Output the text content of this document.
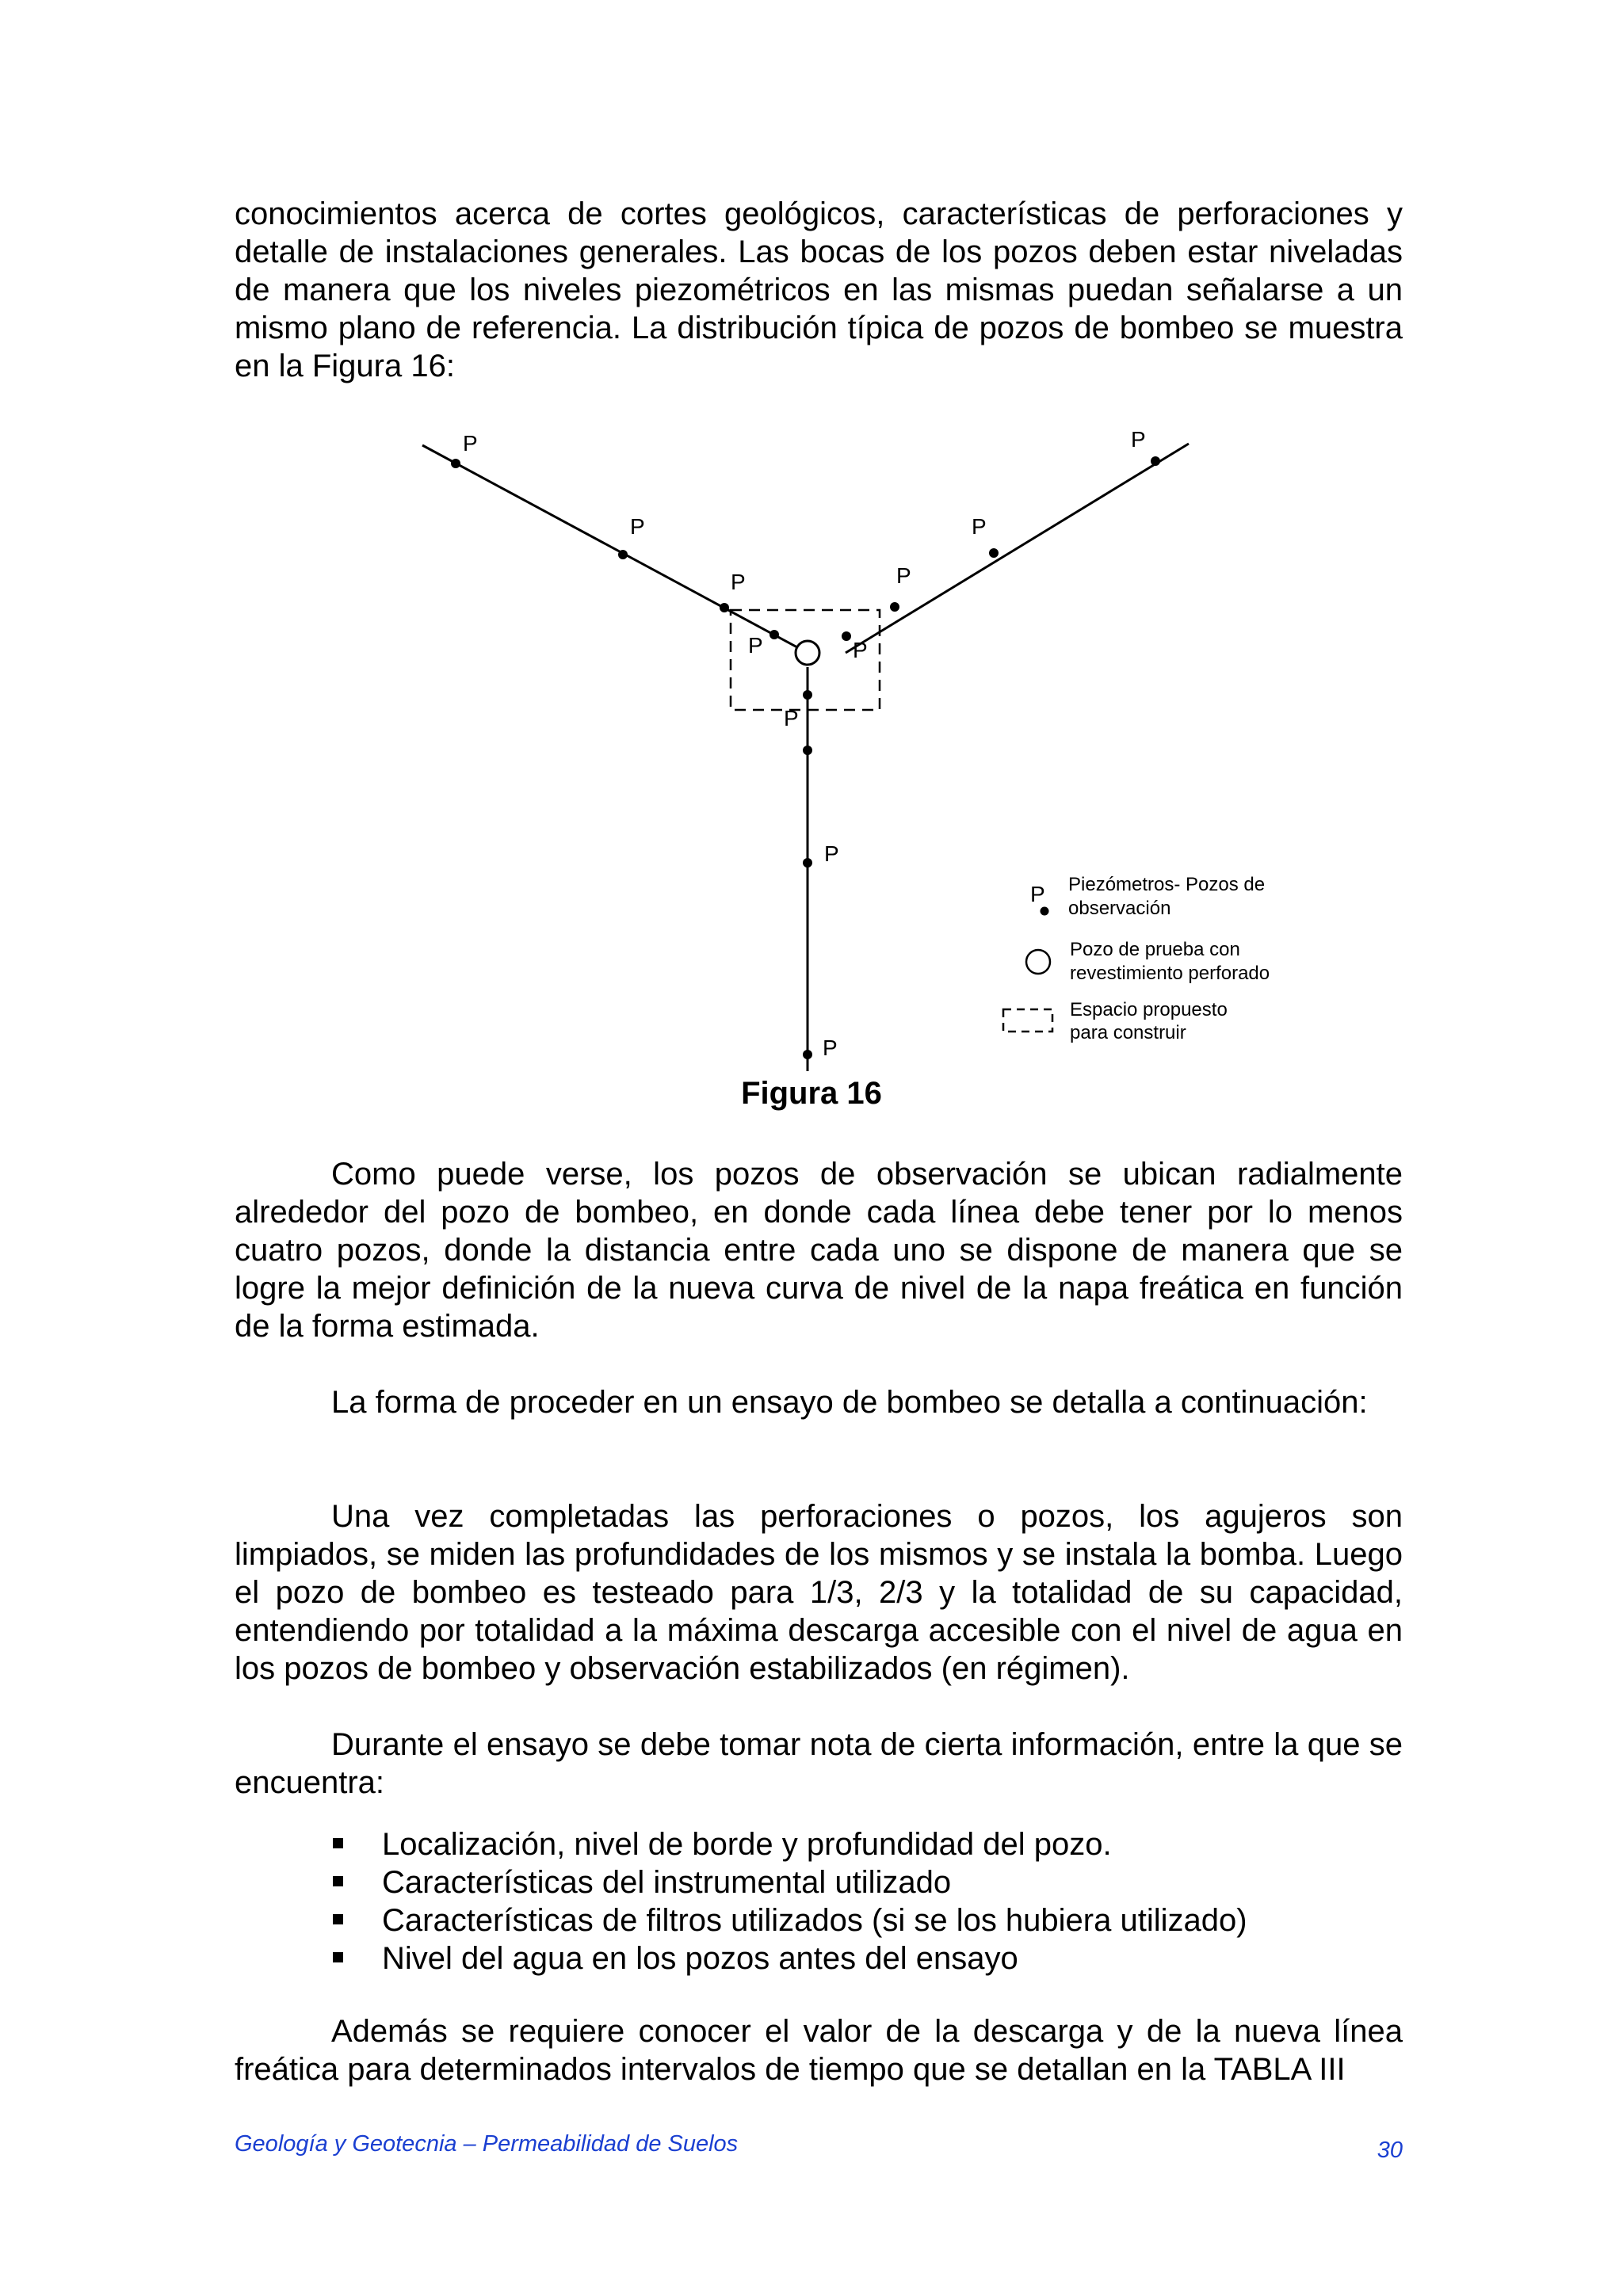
conocimientos acerca de cortes geológicos, características de perforaciones y detalle de instalaciones generales. Las bocas de los pozos deben estar niveladas de manera que los niveles piezométricos en las mismas puedan señalarse a un mismo plano de referencia. La distribución típica de pozos de bombeo se muestra en la Figura 16:

P
P
P
P
P
P
P
P
P
P
P
P Piezómetros- Pozos de
observación
Pozo de prueba con
revestimiento perforado
Espacio propuesto
para construir

Figura 16

Como puede verse, los pozos de observación se ubican radialmente alrededor del pozo de bombeo, en donde cada línea debe tener por lo menos cuatro pozos, donde la distancia entre cada uno se dispone de manera que se logre la mejor definición de la nueva curva de nivel de la napa freática en función de la forma estimada.

La forma de proceder en un ensayo de bombeo se detalla a continuación:

Una vez completadas las perforaciones o pozos, los agujeros son limpiados, se miden las profundidades de los mismos y se instala la bomba. Luego el pozo de bombeo es testeado para 1/3, 2/3 y la totalidad de su capacidad, entendiendo por totalidad a la máxima descarga accesible con el nivel de agua en los pozos de bombeo y observación estabilizados (en régimen).

Durante el ensayo se debe tomar nota de cierta información, entre la que se encuentra:

Localización, nivel de borde y profundidad del pozo.
Características del instrumental utilizado
Características de filtros utilizados (si se los hubiera utilizado)
Nivel del agua en los pozos antes del ensayo

Además se requiere conocer el valor de la descarga y de la nueva línea freática para determinados intervalos de tiempo que se detallan en la TABLA III

Geología y Geotecnia – Permeabilidad de Suelos	30
